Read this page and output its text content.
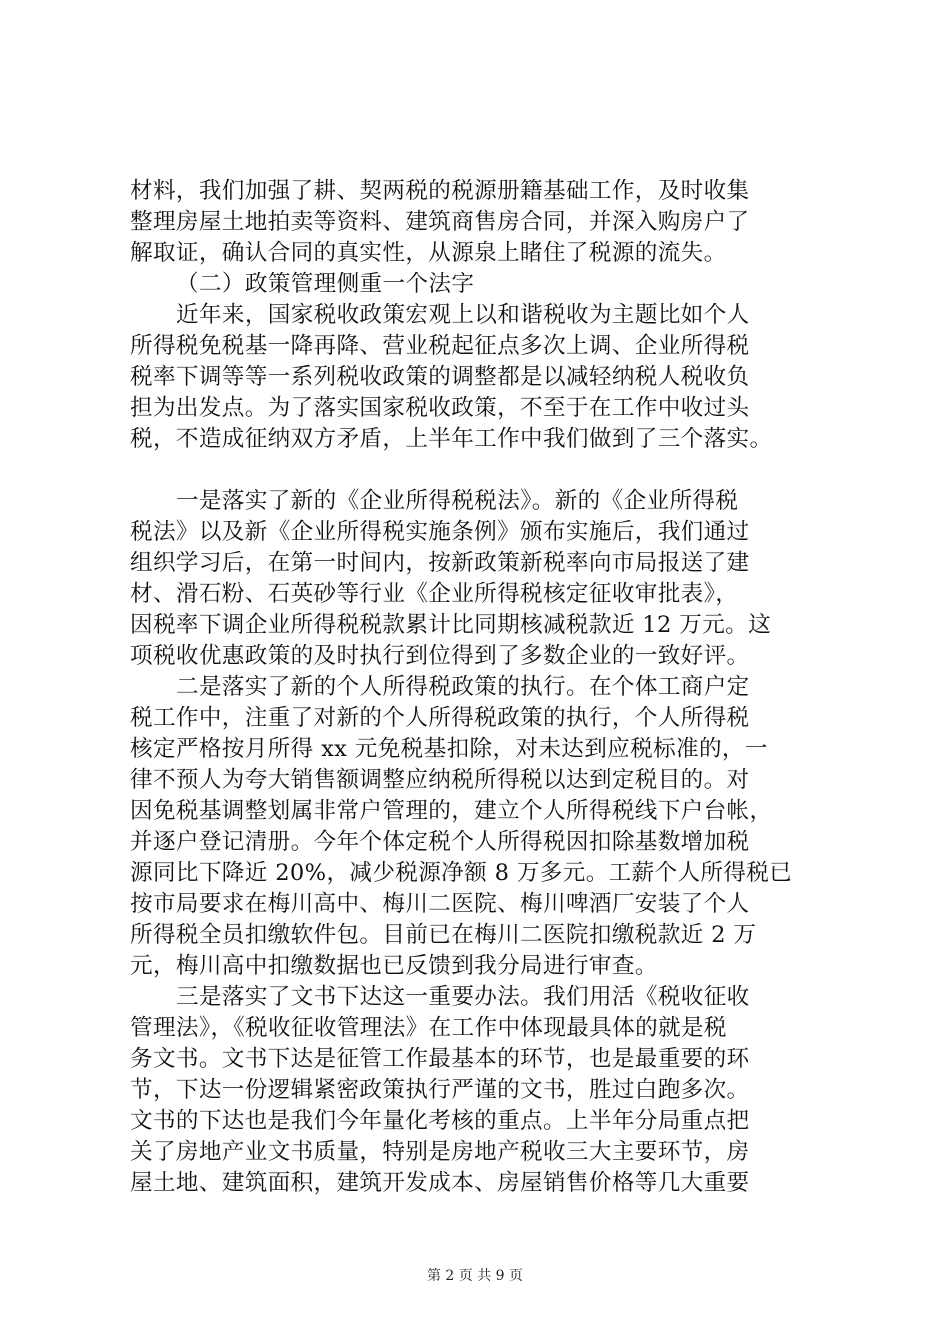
材料，我们加强了耕、契两税的税源册籍基础工作，及时收集
整理房屋土地拍卖等资料、建筑商售房合同，并深入购房户了
解取证，确认合同的真实性，从源泉上睹住了税源的流失。
（二）政策管理侧重一个法字
近年来，国家税收政策宏观上以和谐税收为主题比如个人
所得税免税基一降再降、营业税起征点多次上调、企业所得税
税率下调等等一系列税收政策的调整都是以减轻纳税人税收负
担为出发点。为了落实国家税收政策，不至于在工作中收过头
税，不造成征纳双方矛盾，上半年工作中我们做到了三个落实。
一是落实了新的《企业所得税税法》。新的《企业所得税
税法》以及新《企业所得税实施条例》颁布实施后，我们通过
组织学习后，在第一时间内，按新政策新税率向市局报送了建
材、滑石粉、石英砂等行业《企业所得税核定征收审批表》，
因税率下调企业所得税税款累计比同期核减税款近 12 万元。这
项税收优惠政策的及时执行到位得到了多数企业的一致好评。
二是落实了新的个人所得税政策的执行。在个体工商户定
税工作中，注重了对新的个人所得税政策的执行，个人所得税
核定严格按月所得 xx 元免税基扣除，对未达到应税标准的，一
律不预人为夸大销售额调整应纳税所得税以达到定税目的。对
因免税基调整划属非常户管理的，建立个人所得税线下户台帐，
并逐户登记清册。今年个体定税个人所得税因扣除基数增加税
源同比下降近 20%，减少税源净额 8 万多元。工薪个人所得税已
按市局要求在梅川高中、梅川二医院、梅川啤酒厂安装了个人
所得税全员扣缴软件包。目前已在梅川二医院扣缴税款近 2 万
元，梅川高中扣缴数据也已反馈到我分局进行审查。
三是落实了文书下达这一重要办法。我们用活《税收征收
管理法》，《税收征收管理法》在工作中体现最具体的就是税
务文书。文书下达是征管工作最基本的环节，也是最重要的环
节，下达一份逻辑紧密政策执行严谨的文书，胜过白跑多次。
文书的下达也是我们今年量化考核的重点。上半年分局重点把
关了房地产业文书质量，特别是房地产税收三大主要环节，房
屋土地、建筑面积，建筑开发成本、房屋销售价格等几大重要
第 2 页 共 9 页
